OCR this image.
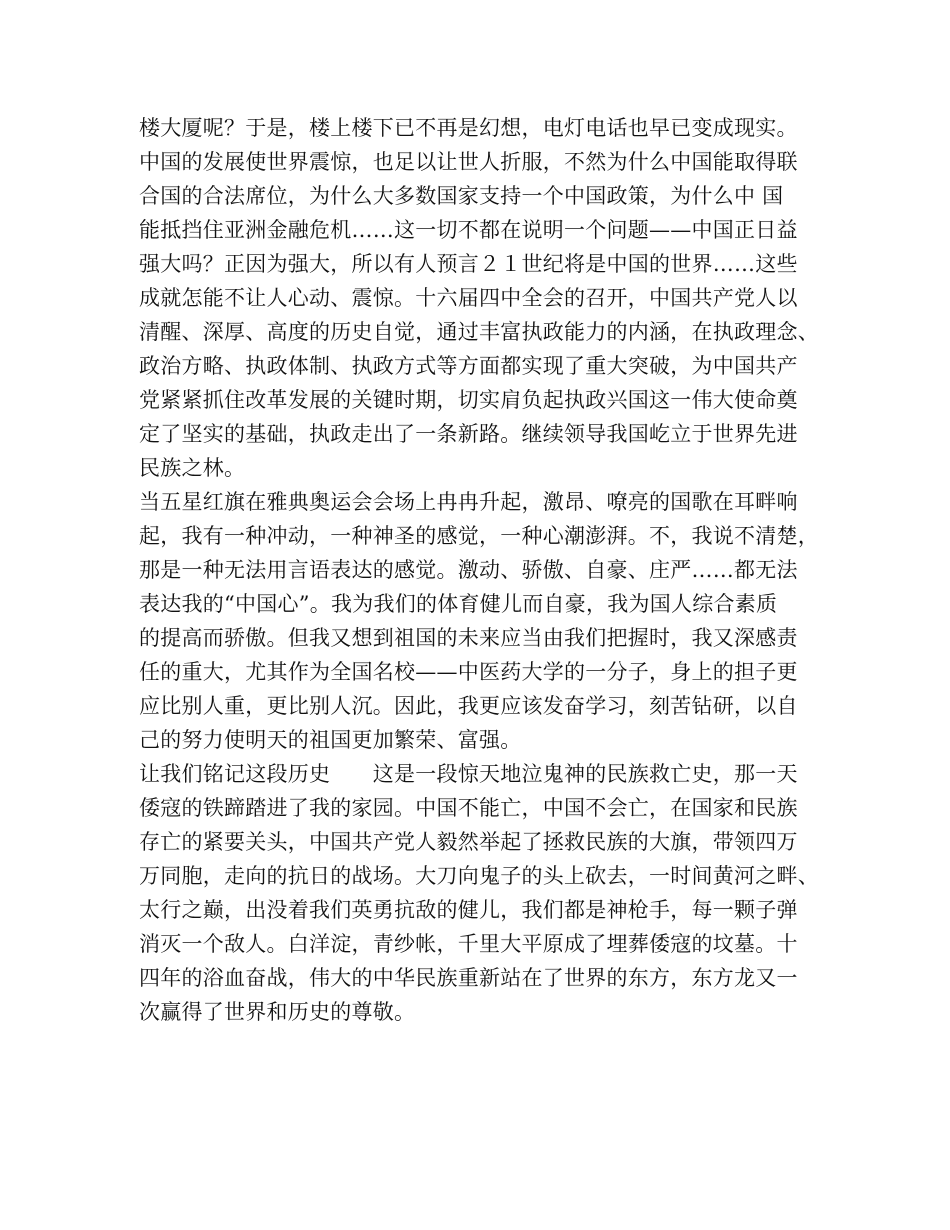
楼大厦呢？于是，楼上楼下已不再是幻想，电灯电话也早已变成现实。
中国的发展使世界震惊，也足以让世人折服，不然为什么中国能取得联
合国的合法席位，为什么大多数国家支持一个中国政策，为什么中 国
能抵挡住亚洲金融危机……这一切不都在说明一个问题——中国正日益
强大吗？正因为强大，所以有人预言２１世纪将是中国的世界……这些
成就怎能不让人心动、震惊。十六届四中全会的召开，中国共产党人以
清醒、深厚、高度的历史自觉，通过丰富执政能力的内涵，在执政理念、
政治方略、执政体制、执政方式等方面都实现了重大突破，为中国共产
党紧紧抓住改革发展的关键时期，切实肩负起执政兴国这一伟大使命奠
定了坚实的基础，执政走出了一条新路。继续领导我国屹立于世界先进
民族之林。
当五星红旗在雅典奥运会会场上冉冉升起，激昂、嘹亮的国歌在耳畔响
起，我有一种冲动，一种神圣的感觉，一种心潮澎湃。不，我说不清楚，
那是一种无法用言语表达的感觉。激动、骄傲、自豪、庄严……都无法
表达我的“中国心”。我为我们的体育健儿而自豪，我为国人综合素质
的提高而骄傲。但我又想到祖国的未来应当由我们把握时，我又深感责
任的重大，尤其作为全国名校——中医药大学的一分子，身上的担子更
应比别人重，更比别人沉。因此，我更应该发奋学习，刻苦钻研，以自
己的努力使明天的祖国更加繁荣、富强。
让我们铭记这段历史　　这是一段惊天地泣鬼神的民族救亡史，那一天
倭寇的铁蹄踏进了我的家园。中国不能亡，中国不会亡，在国家和民族
存亡的紧要关头，中国共产党人毅然举起了拯救民族的大旗，带领四万
万同胞，走向的抗日的战场。大刀向鬼子的头上砍去，一时间黄河之畔、
太行之巅，出没着我们英勇抗敌的健儿，我们都是神枪手，每一颗子弹
消灭一个敌人。白洋淀，青纱帐，千里大平原成了埋葬倭寇的坟墓。十
四年的浴血奋战，伟大的中华民族重新站在了世界的东方，东方龙又一
次赢得了世界和历史的尊敬。
